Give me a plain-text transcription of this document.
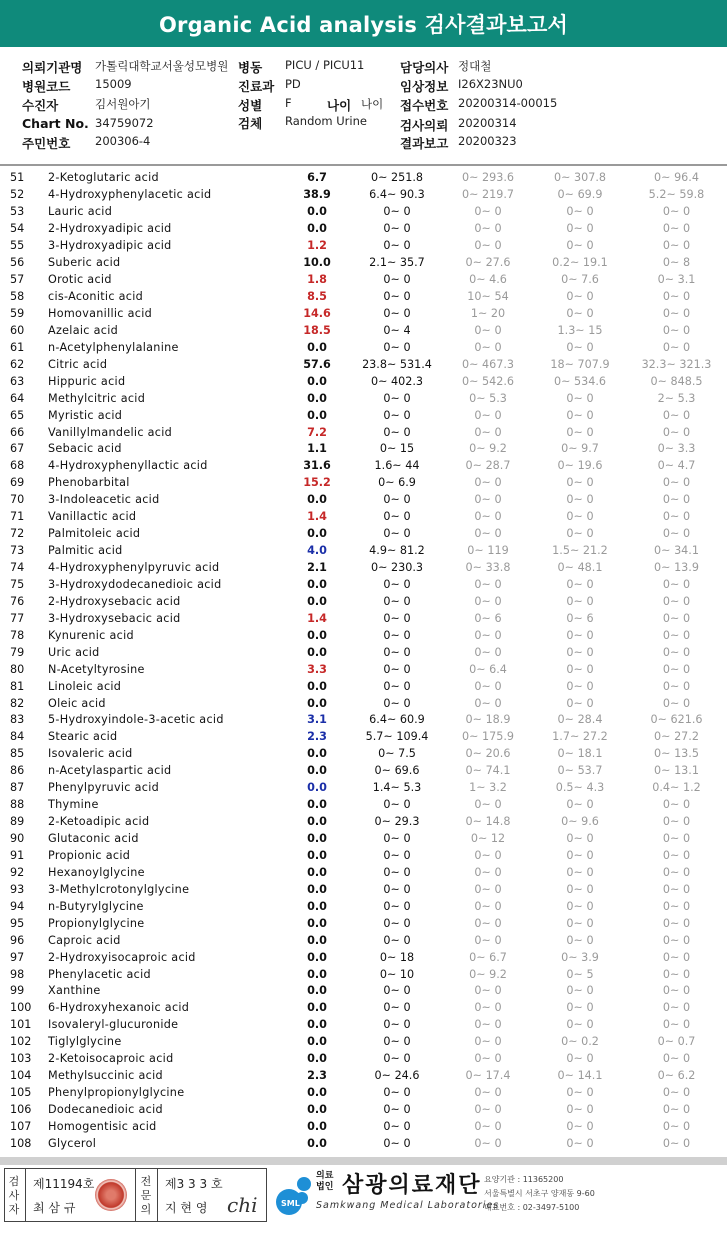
Organic Acid analysis 검사결과보고서
의뢰기관명 가톨릭대학교서울성모병원 병동 PICU / PICU11	담당의사 정대철
병원코드 15009	진료과 PD	임상정보 I26X23NU0
수진자	김서원아기	성별 F	나이 나이 접수번호 20200314-00015
Chart No. 34759072	검체 Random Urine	검사의뢰 20200314
주민번호 200306-4	결과보고 20200323
51	2-Ketoglutaric acid	6.7	0~ 251.8	0~ 293.6	0~ 307.8	0~ 96.4
52	4-Hydroxyphenylacetic acid	38.9	6.4~ 90.3	0~ 219.7	0~ 69.9	5.2~ 59.8
53	Lauric acid	0.0	0~ 0	0~ 0	0~ 0	0~ 0
54	2-Hydroxyadipic acid	0.0	0~ 0	0~ 0	0~ 0	0~ 0
55	3-Hydroxyadipic acid	1.2	0~ 0	0~ 0	0~ 0	0~ 0
56	Suberic acid	10.0	2.1~ 35.7	0~ 27.6	0.2~ 19.1	0~ 8
57	Orotic acid	1.8	0~ 0	0~ 4.6	0~ 7.6	0~ 3.1
58	cis-Aconitic acid	8.5	0~ 0	10~ 54	0~ 0	0~ 0
59	Homovanillic acid	14.6	0~ 0	1~ 20	0~ 0	0~ 0
60	Azelaic acid	18.5	0~ 4	0~ 0	1.3~ 15	0~ 0
61	n-Acetylphenylalanine	0.0	0~ 0	0~ 0	0~ 0	0~ 0
62	Citric acid	57.6	23.8~ 531.4	0~ 467.3	18~ 707.9	32.3~ 321.3
63	Hippuric acid	0.0	0~ 402.3	0~ 542.6	0~ 534.6	0~ 848.5
64	Methylcitric acid	0.0	0~ 0	0~ 5.3	0~ 0	2~ 5.3
65	Myristic acid	0.0	0~ 0	0~ 0	0~ 0	0~ 0
66	Vanillylmandelic acid	7.2	0~ 0	0~ 0	0~ 0	0~ 0
67	Sebacic acid	1.1	0~ 15	0~ 9.2	0~ 9.7	0~ 3.3
68	4-Hydroxyphenyllactic acid	31.6	1.6~ 44	0~ 28.7	0~ 19.6	0~ 4.7
69	Phenobarbital	15.2	0~ 6.9	0~ 0	0~ 0	0~ 0
70	3-Indoleacetic acid	0.0	0~ 0	0~ 0	0~ 0	0~ 0
71	Vanillactic acid	1.4	0~ 0	0~ 0	0~ 0	0~ 0
72	Palmitoleic acid	0.0	0~ 0	0~ 0	0~ 0	0~ 0
73	Palmitic acid	4.0	4.9~ 81.2	0~ 119	1.5~ 21.2	0~ 34.1
74	4-Hydroxyphenylpyruvic acid	2.1	0~ 230.3	0~ 33.8	0~ 48.1	0~ 13.9
75	3-Hydroxydodecanedioic acid	0.0	0~ 0	0~ 0	0~ 0	0~ 0
76	2-Hydroxysebacic acid	0.0	0~ 0	0~ 0	0~ 0	0~ 0
77	3-Hydroxysebacic acid	1.4	0~ 0	0~ 6	0~ 6	0~ 0
78	Kynurenic acid	0.0	0~ 0	0~ 0	0~ 0	0~ 0
79	Uric acid	0.0	0~ 0	0~ 0	0~ 0	0~ 0
80	N-Acetyltyrosine	3.3	0~ 0	0~ 6.4	0~ 0	0~ 0
81	Linoleic acid	0.0	0~ 0	0~ 0	0~ 0	0~ 0
82	Oleic acid	0.0	0~ 0	0~ 0	0~ 0	0~ 0
83	5-Hydroxyindole-3-acetic acid	3.1	6.4~ 60.9	0~ 18.9	0~ 28.4	0~ 621.6
84	Stearic acid	2.3	5.7~ 109.4	0~ 175.9	1.7~ 27.2	0~ 27.2
85	Isovaleric acid	0.0	0~ 7.5	0~ 20.6	0~ 18.1	0~ 13.5
86	n-Acetylaspartic acid	0.0	0~ 69.6	0~ 74.1	0~ 53.7	0~ 13.1
87	Phenylpyruvic acid	0.0	1.4~ 5.3	1~ 3.2	0.5~ 4.3	0.4~ 1.2
88	Thymine	0.0	0~ 0	0~ 0	0~ 0	0~ 0
89	2-Ketoadipic acid	0.0	0~ 29.3	0~ 14.8	0~ 9.6	0~ 0
90	Glutaconic acid	0.0	0~ 0	0~ 12	0~ 0	0~ 0
91	Propionic acid	0.0	0~ 0	0~ 0	0~ 0	0~ 0
92	Hexanoylglycine	0.0	0~ 0	0~ 0	0~ 0	0~ 0
93	3-Methylcrotonylglycine	0.0	0~ 0	0~ 0	0~ 0	0~ 0
94	n-Butyrylglycine	0.0	0~ 0	0~ 0	0~ 0	0~ 0
95	Propionylglycine	0.0	0~ 0	0~ 0	0~ 0	0~ 0
96	Caproic acid	0.0	0~ 0	0~ 0	0~ 0	0~ 0
97	2-Hydroxyisocaproic acid	0.0	0~ 18	0~ 6.7	0~ 3.9	0~ 0
98	Phenylacetic acid	0.0	0~ 10	0~ 9.2	0~ 5	0~ 0
99	Xanthine	0.0	0~ 0	0~ 0	0~ 0	0~ 0
100	6-Hydroxyhexanoic acid	0.0	0~ 0	0~ 0	0~ 0	0~ 0
101	Isovaleryl-glucuronide	0.0	0~ 0	0~ 0	0~ 0	0~ 0
102	Tiglylglycine	0.0	0~ 0	0~ 0	0~ 0.2	0~ 0.7
103	2-Ketoisocaproic acid	0.0	0~ 0	0~ 0	0~ 0	0~ 0
104	Methylsuccinic acid	2.3	0~ 24.6	0~ 17.4	0~ 14.1	0~ 6.2
105	Phenylpropionylglycine	0.0	0~ 0	0~ 0	0~ 0	0~ 0
106	Dodecanedioic acid	0.0	0~ 0	0~ 0	0~ 0	0~ 0
107	Homogentisic acid	0.0	0~ 0	0~ 0	0~ 0	0~ 0
108	Glycerol	0.0	0~ 0	0~ 0	0~ 0	0~ 0
검
사
자
제11194호
최 삼 규
전
문
의
제3 3 3 호
지 현 영 chi	SML
의료
법인 삼광의료재단
Samkwang Medical Laboratories
요양기관 : 11365200
서울특별시 서초구 양재동 9-60
대표번호 : 02-3497-5100
